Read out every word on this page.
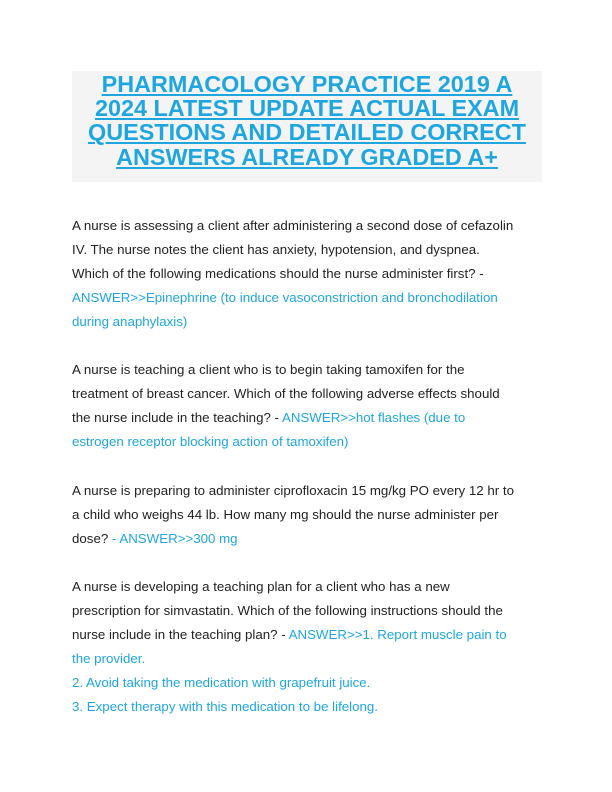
PHARMACOLOGY PRACTICE 2019 A
2024 LATEST UPDATE ACTUAL EXAM
QUESTIONS AND DETAILED CORRECT
ANSWERS ALREADY GRADED A+
A nurse is assessing a client after administering a second dose of cefazolin
IV. The nurse notes the client has anxiety, hypotension, and dyspnea.
Which of the following medications should the nurse administer first? -
ANSWER>>Epinephrine (to induce vasoconstriction and bronchodilation
during anaphylaxis)
A nurse is teaching a client who is to begin taking tamoxifen for the
treatment of breast cancer. Which of the following adverse effects should
the nurse include in the teaching? - ANSWER>>hot flashes (due to
estrogen receptor blocking action of tamoxifen)
A nurse is preparing to administer ciprofloxacin 15 mg/kg PO every 12 hr to
a child who weighs 44 lb. How many mg should the nurse administer per
dose? - ANSWER>>300 mg
A nurse is developing a teaching plan for a client who has a new
prescription for simvastatin. Which of the following instructions should the
nurse include in the teaching plan? - ANSWER>>1. Report muscle pain to
the provider.
2. Avoid taking the medication with grapefruit juice.
3. Expect therapy with this medication to be lifelong.
